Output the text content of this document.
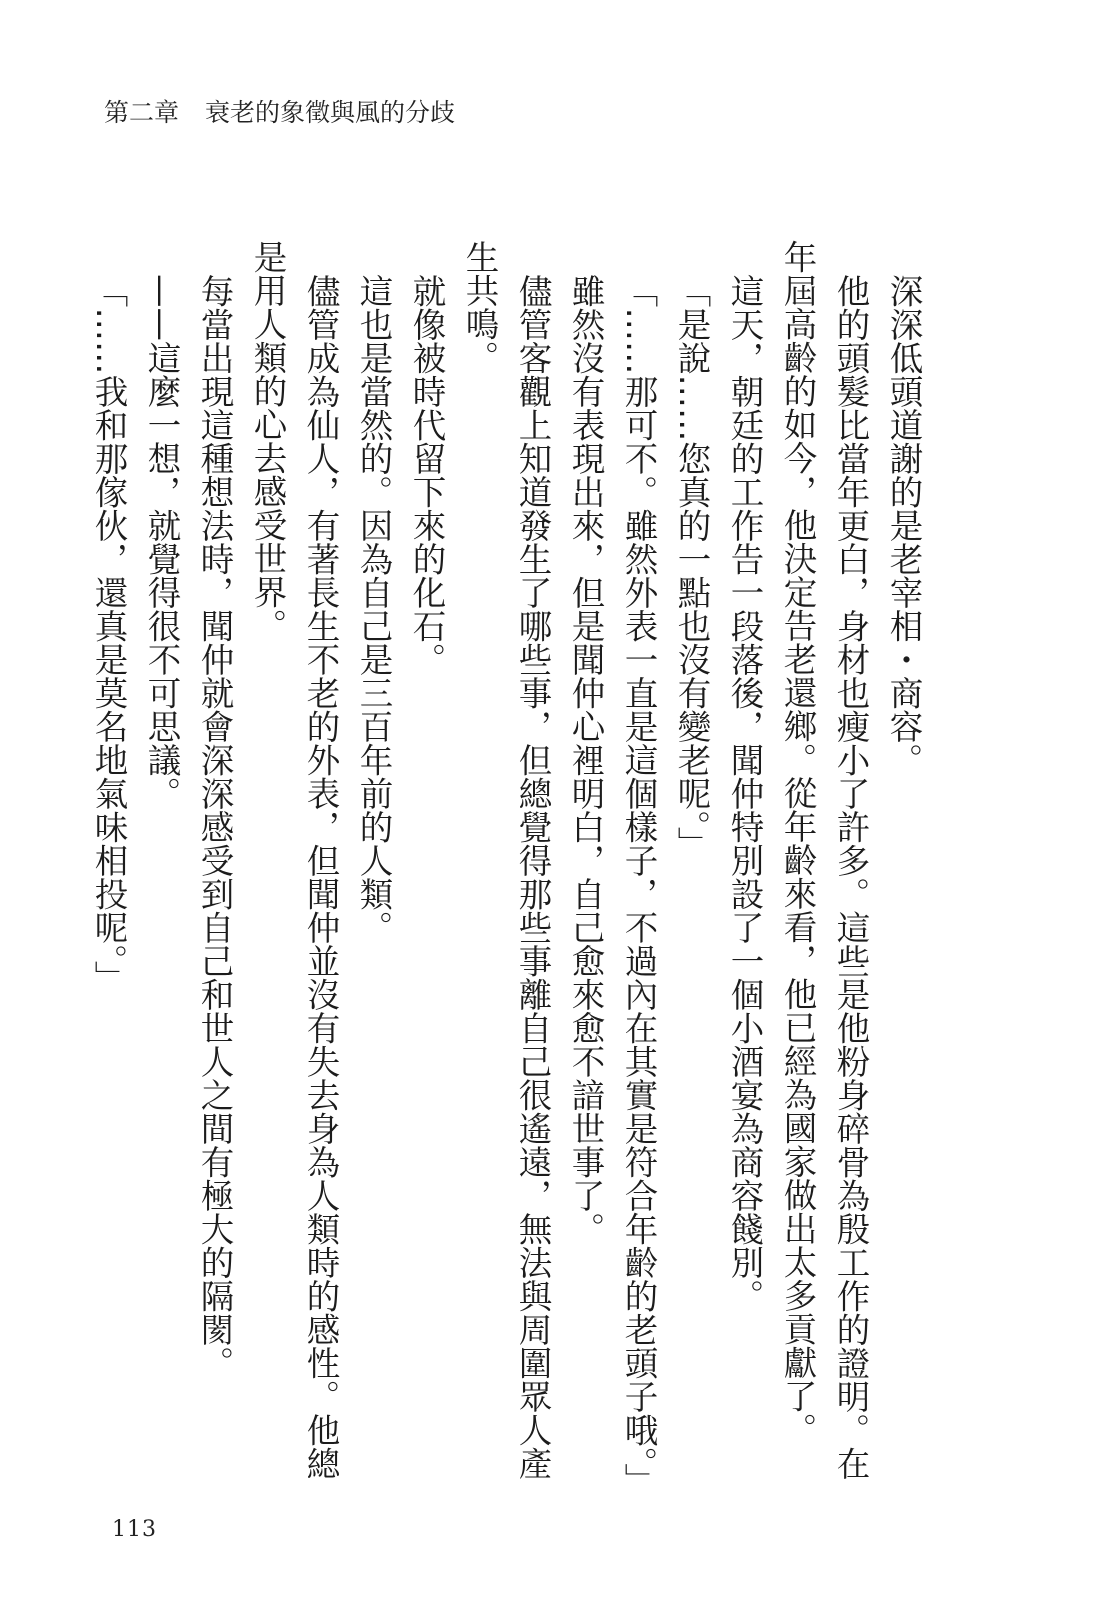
第二章 衰老的象徵與風的分歧

深深低頭道謝的是老宰相・商容。

他的頭髮比當年更白，身材也瘦小了許多。這些是他粉身碎骨為殷工作的證明。在年屆高齡的如今，他決定告老還鄉。從年齡來看，他已經為國家做出太多貢獻了。

這天，朝廷的工作告一段落後，聞仲特別設了一個小酒宴為商容餞別。

「是說……您真的一點也沒有變老呢。」

「……那可不。雖然外表一直是這個樣子，不過內在其實是符合年齡的老頭子哦。」

雖然沒有表現出來，但是聞仲心裡明白，自己愈來愈不諳世事了。

儘管客觀上知道發生了哪些事，但總覺得那些事離自己很遙遠，無法與周圍眾人產生共鳴。

就像被時代留下來的化石。

這也是當然的。因為自己是三百年前的人類。

儘管成為仙人，有著長生不老的外表，但聞仲並沒有失去身為人類時的感性。他總是用人類的心去感受世界。

每當出現這種想法時，聞仲就會深深感受到自己和世人之間有極大的隔閡。

——這麼一想，就覺得很不可思議。

「……我和那傢伙，還真是莫名地氣味相投呢。」

113
